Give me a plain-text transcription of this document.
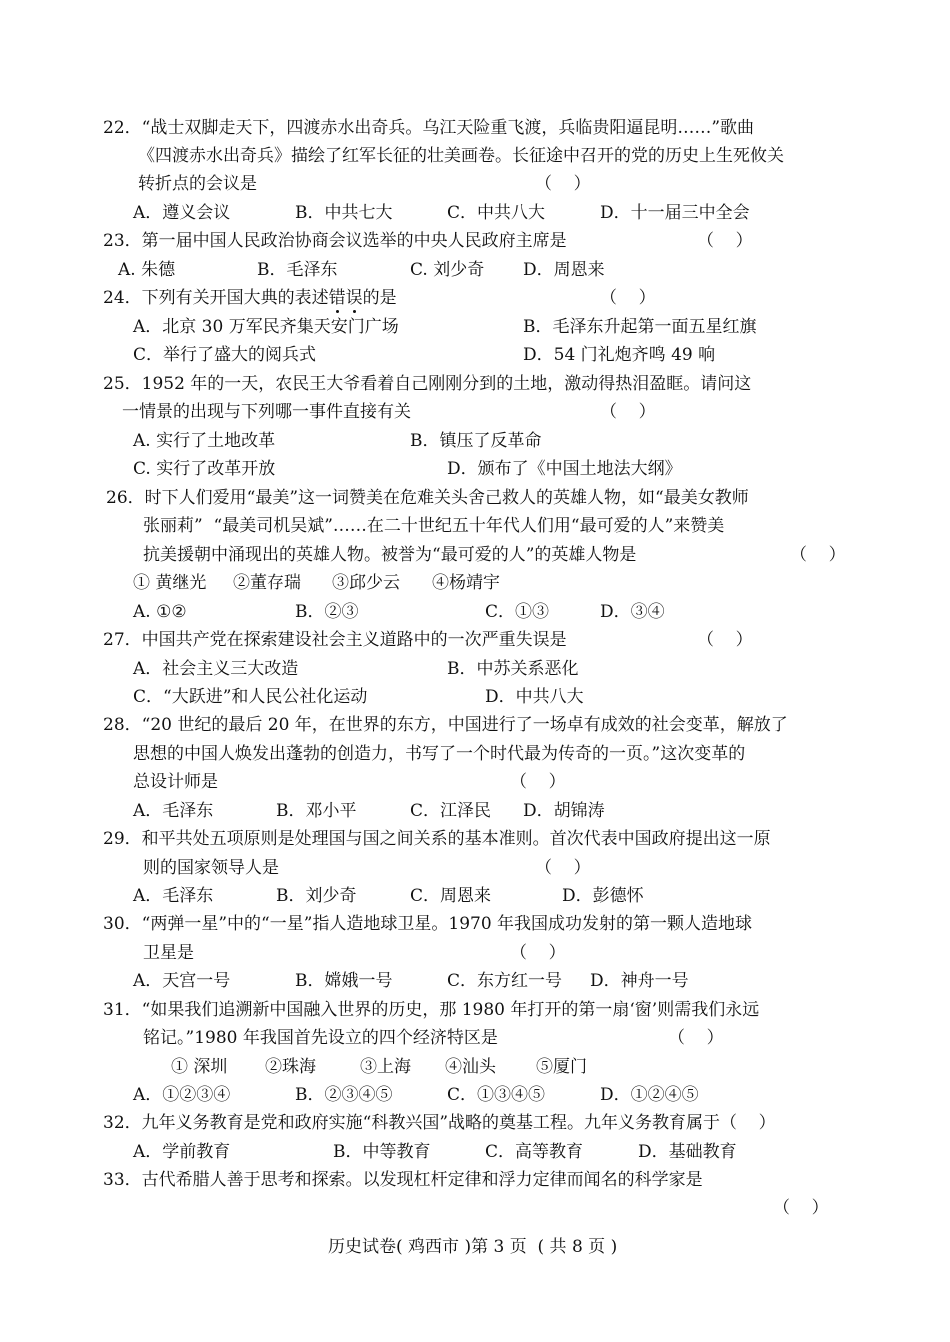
22．“战士双脚走天下，四渡赤水出奇兵。乌江天险重飞渡，兵临贵阳逼昆明……”歌曲
《四渡赤水出奇兵》描绘了红军长征的壮美画卷。长征途中召开的党的历史上生死攸关
转折点的会议是	（    ）
A．遵义会议	B．中共七大	C．中共八大	D．十一届三中全会
23．第一届中国人民政治协商会议选举的中央人民政府主席是	（    ）
A. 朱德	B．毛泽东	C. 刘少奇 D．周恩来
24．下列有关开国大典的表述错误的是	（    ）
A．北京 30 万军民齐集天安门广场	B．毛泽东升起第一面五星红旗
C．举行了盛大的阅兵式	D．54 门礼炮齐鸣 49 响
25．1952 年的一天，农民王大爷看着自己刚刚分到的土地，激动得热泪盈眶。请问这
一情景的出现与下列哪一事件直接有关	（    ）
A. 实行了土地改革	B．镇压了反革命
C. 实行了改革开放	D．颁布了《中国土地法大纲》
26．时下人们爱用“最美”这一词赞美在危难关头舍己救人的英雄人物，如“最美女教师
张丽莉”  “最美司机吴斌”……在二十世纪五十年代人们用“最可爱的人”来赞美
抗美援朝中涌现出的英雄人物。被誉为“最可爱的人”的英雄人物是	（    ）
① 黄继光 ②董存瑞 ③邱少云 ④杨靖宇
A. ①②	B．②③	C．①③	D．③④
27．中国共产党在探索建设社会主义道路中的一次严重失误是	（    ）
A．社会主义三大改造	B．中苏关系恶化
C．“大跃进”和人民公社化运动	D．中共八大
28．“20 世纪的最后 20 年，在世界的东方，中国进行了一场卓有成效的社会变革，解放了
思想的中国人焕发出蓬勃的创造力，书写了一个时代最为传奇的一页。”这次变革的
总设计师是	（    ）
A．毛泽东	B．邓小平	C．江泽民 D．胡锦涛
29．和平共处五项原则是处理国与国之间关系的基本准则。首次代表中国政府提出这一原
则的国家领导人是	（    ）
A．毛泽东	B．刘少奇	C．周恩来	D．彭德怀
30．“两弹一星”中的“一星”指人造地球卫星。1970 年我国成功发射的第一颗人造地球
卫星是	（    ）
A．天宫一号	B．嫦娥一号	C．东方红一号 D．神舟一号
31．“如果我们追溯新中国融入世界的历史，那 1980 年打开的第一扇‘窗’则需我们永远
铭记。”1980 年我国首先设立的四个经济特区是	（    ）
① 深圳 ②珠海	③上海 ④汕头 ⑤厦门
A．①②③④	B．②③④⑤	C．①③④⑤	D．①②④⑤
32．九年义务教育是党和政府实施“科教兴国”战略的奠基工程。九年义务教育属于（    ）
A．学前教育	B．中等教育	C．高等教育	D．基础教育
33．古代希腊人善于思考和探索。以发现杠杆定律和浮力定律而闻名的科学家是
（    ）
历史试卷( 鸡西市 )第 3 页  ( 共 8 页 )
